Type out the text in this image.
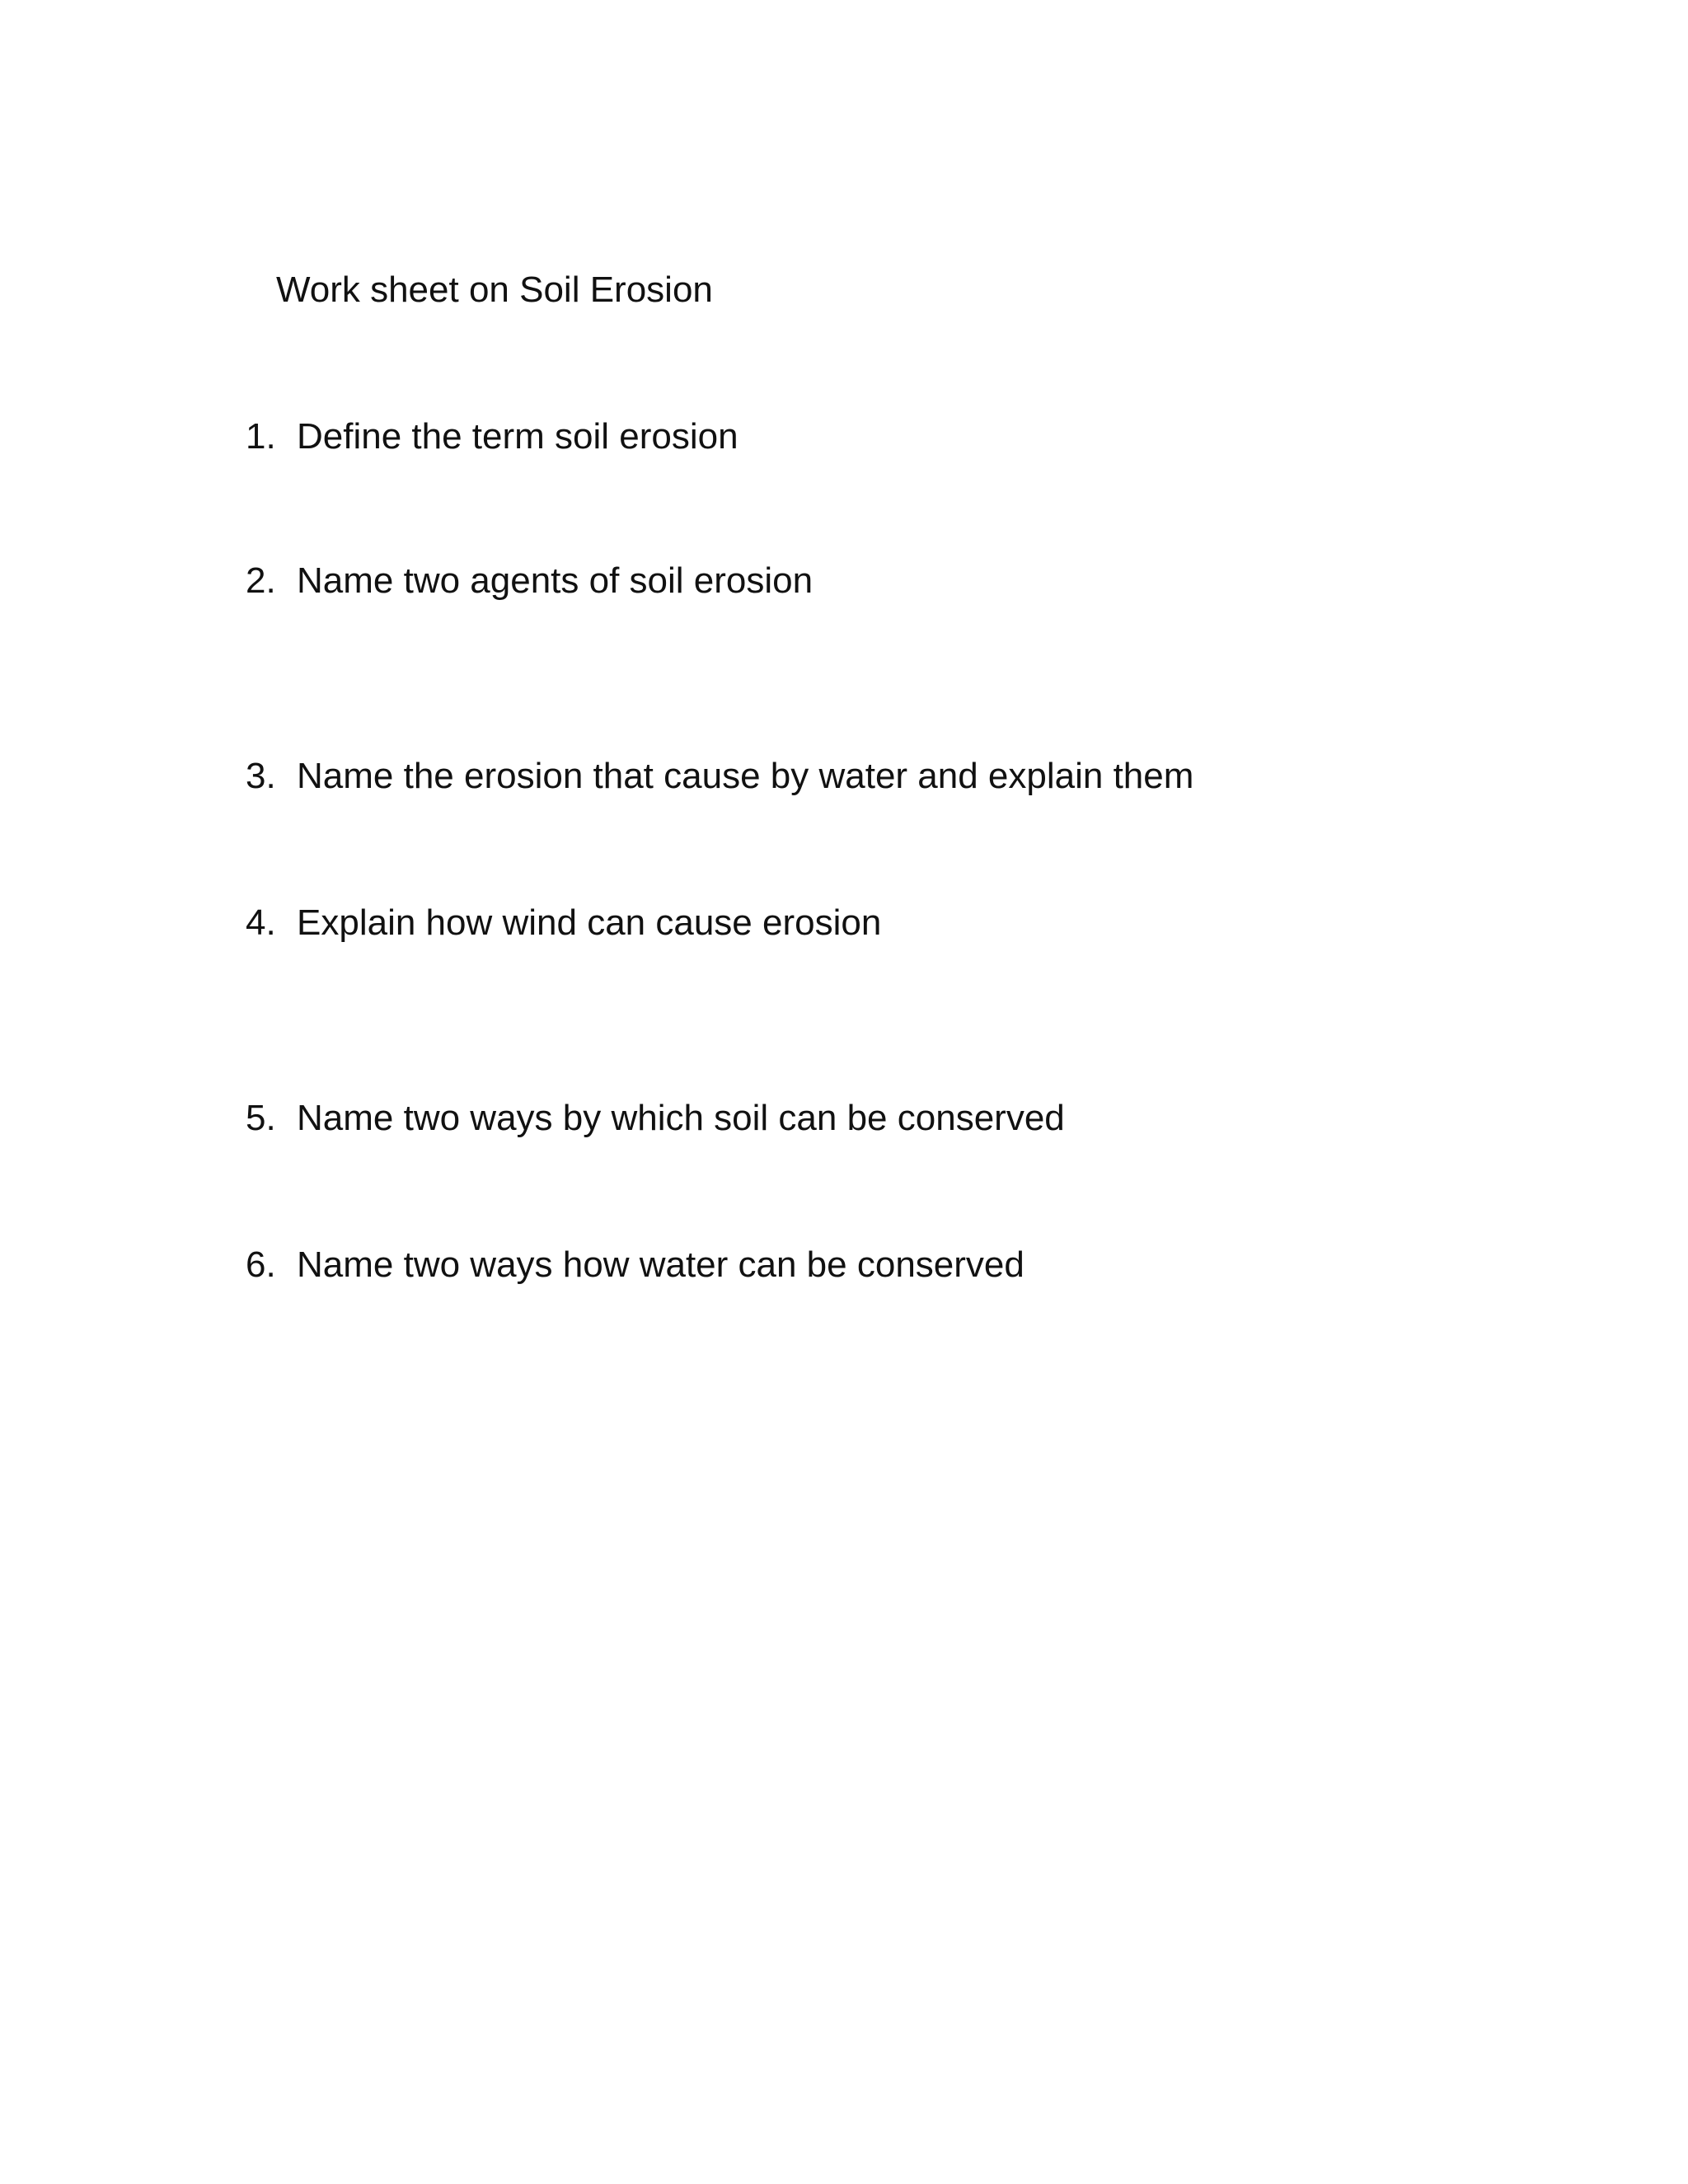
Work sheet on Soil Erosion
1. Define the term soil erosion
2. Name two agents of soil erosion
3. Name the erosion that cause by water and explain them
4. Explain how wind can cause erosion
5. Name two ways by which soil can be conserved
6. Name two ways how water can be conserved
